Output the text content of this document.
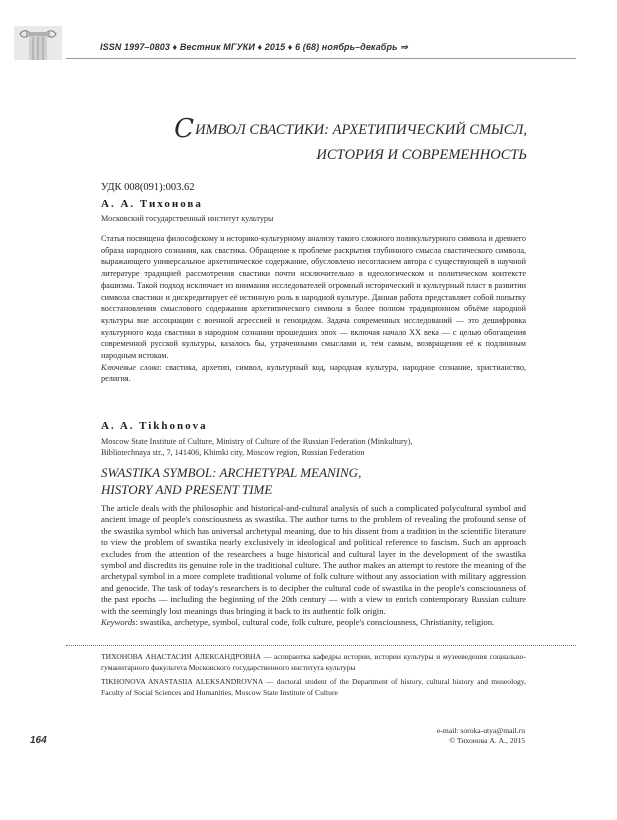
ISSN 1997–0803 ♦ Вестник МГУКИ ♦ 2015 ♦ 6 (68) ноябрь–декабрь ⇒
СИМВОЛ СВАСТИКИ: АРХЕТИПИЧЕСКИЙ СМЫСЛ,
ИСТОРИЯ И СОВРЕМЕННОСТЬ
УДК 008(091):003.62
А. А. Тихонова
Московский государственный институт культуры

Статья посвящена философскому и историко-культурному анализу такого сложного поликультурного символа и древнего образа народного сознания, как свастика. Обращение к проблеме раскрытия глубинного смысла свастического символа, выражающего универсальное архетипическое содержание, обусловлено несогласием автора с существующей в научной литературе традицией рассмотрения свастики почти исключительно в идеологическом и политическом контексте фашизма. Такой подход исключает из внимания исследователей огромный исторический и культурный пласт в развитии символа свастики и дискредитирует её истинную роль в народной культуре. Данная работа представляет собой попытку восстановления смыслового содержания архетипического символа в более полном традиционном объёме народной культуры вне ассоциации с военной агрессией и геноцидом. Задача современных исследований — это дешифровка культурного кода свастики в народном сознании прошедших эпох — включая начало XX века — с целью обогащения современной русской культуры, казалось бы, утраченными смыслами и, тем самым, возвращения её к подлинным народным истокам.

Ключевые слова: свастика, архетип, символ, культурный код, народная культура, народное сознание, христианство, религия.

A. A. Tikhonova
Moscow State Institute of Culture, Ministry of Culture of the Russian Federation (Minkultury),
Bibliotechnaya str., 7, 141406, Khimki city, Moscow region, Russian Federation
SWASTIKA SYMBOL: ARCHETYPAL MEANING,
HISTORY AND PRESENT TIME
The article deals with the philosophic and historical-and-cultural analysis of such a complicated polycultural symbol and ancient image of people's consciousness as swastika. The author turns to the problem of revealing the profound sense of the swastika symbol which has universal archetypal meaning, due to his dissent from a tradition in the scientific literature to view the problem of swastika nearly exclusively in ideological and political reference to fascism. Such an approach excludes from the attention of the researchers a huge historical and cultural layer in the development of the swastika symbol and discredits its genuine role in the traditional culture. The author makes an attempt to restore the meaning of the archetypal symbol in a more complete traditional volume of folk culture without any association with military aggression and genocide. The task of today's researchers is to decipher the cultural code of swastika in the people's consciousness of the past epochs — including the beginning of the 20th century — with a view to enrich contemporary Russian culture with the seemingly lost meanings thus bringing it back to its authentic folk origin.
Keywords: swastika, archetype, symbol, cultural code, folk culture, people's consciousness, Christianity, religion.
ТИХОНОВА АНАСТАСИЯ АЛЕКСАНДРОВНА — аспирантка кафедры истории, истории культуры и музееведения социально-гуманитарного факультета Московского государственного института культуры
TIKHONOVA ANASTASIIA ALEKSANDROVNA — doctoral student of the Department of history, cultural history and museology, Faculty of Social Sciences and Humanities, Moscow State Institute of Culture
e-mail: soroka-utya@mail.ru
© Тихонова А. А., 2015
164
